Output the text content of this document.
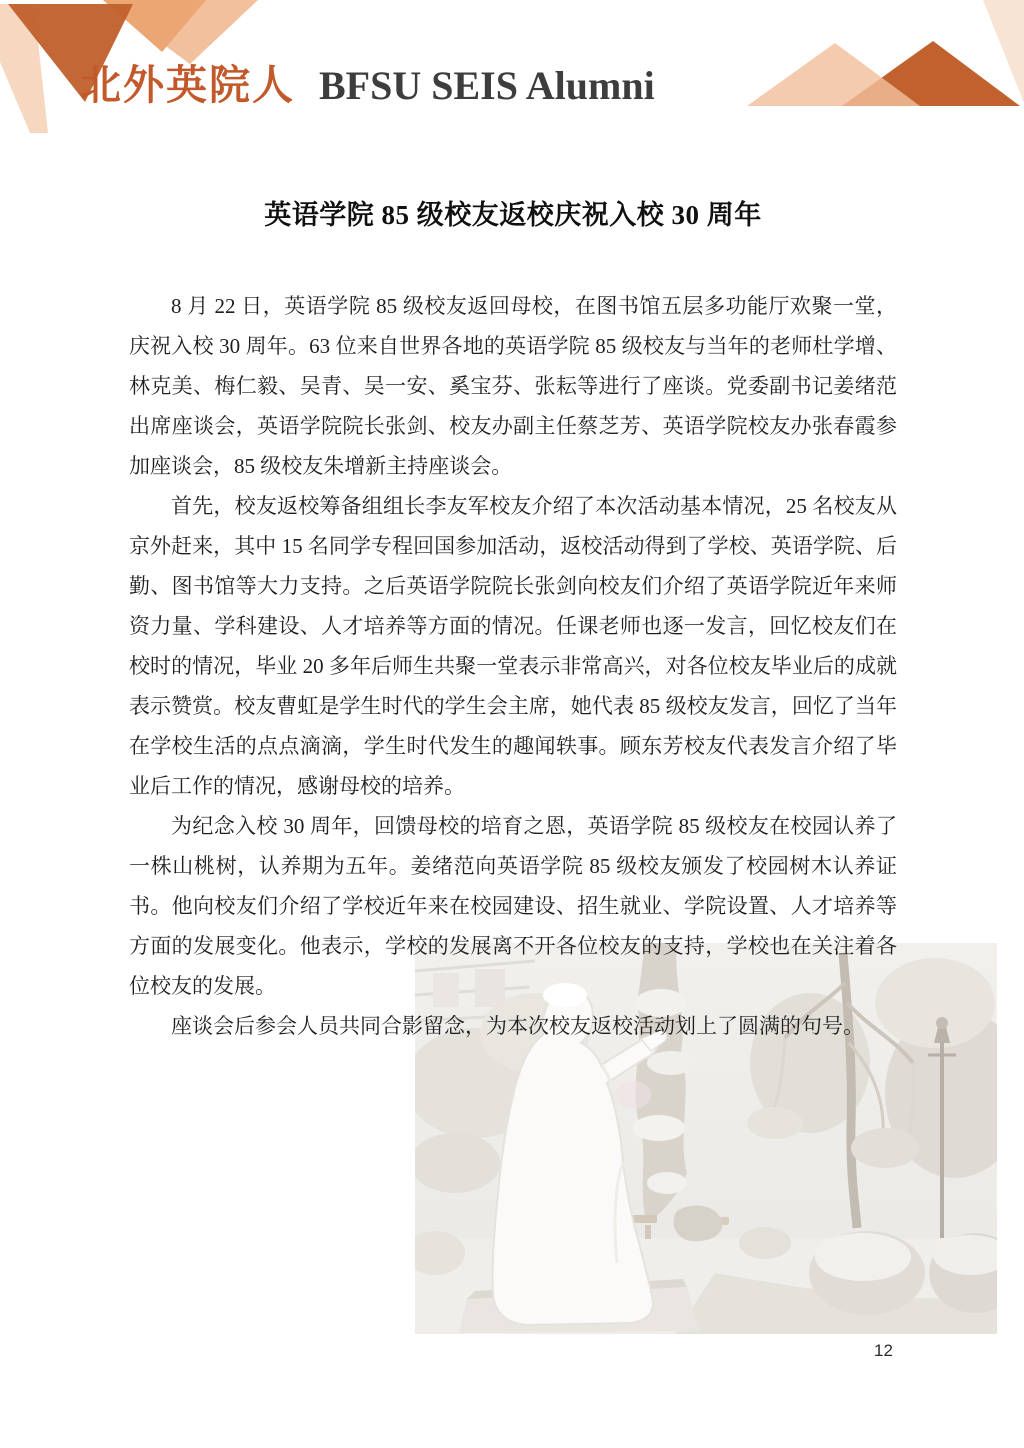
北外英院人 BFSU SEIS Alumni
英语学院 85 级校友返校庆祝入校 30 周年

8 月 22 日，英语学院 85 级校友返回母校，在图书馆五层多功能厅欢聚一堂，庆祝入校 30 周年。63 位来自世界各地的英语学院 85 级校友与当年的老师杜学增、林克美、梅仁毅、吴青、吴一安、奚宝芬、张耘等进行了座谈。党委副书记姜绪范出席座谈会，英语学院院长张剑、校友办副主任蔡芝芳、英语学院校友办张春霞参加座谈会，85 级校友朱增新主持座谈会。

首先，校友返校筹备组组长李友军校友介绍了本次活动基本情况，25 名校友从京外赶来，其中 15 名同学专程回国参加活动，返校活动得到了学校、英语学院、后勤、图书馆等大力支持。之后英语学院院长张剑向校友们介绍了英语学院近年来师资力量、学科建设、人才培养等方面的情况。任课老师也逐一发言，回忆校友们在校时的情况，毕业 20 多年后师生共聚一堂表示非常高兴，对各位校友毕业后的成就表示赞赏。校友曹虹是学生时代的学生会主席，她代表 85 级校友发言，回忆了当年在学校生活的点点滴滴，学生时代发生的趣闻轶事。顾东芳校友代表发言介绍了毕业后工作的情况，感谢母校的培养。

为纪念入校 30 周年，回馈母校的培育之恩，英语学院 85 级校友在校园认养了一株山桃树，认养期为五年。姜绪范向英语学院 85 级校友颁发了校园树木认养证书。他向校友们介绍了学校近年来在校园建设、招生就业、学院设置、人才培养等方面的发展变化。他表示，学校的发展离不开各位校友的支持，学校也在关注着各位校友的发展。

座谈会后参会人员共同合影留念，为本次校友返校活动划上了圆满的句号。

12
